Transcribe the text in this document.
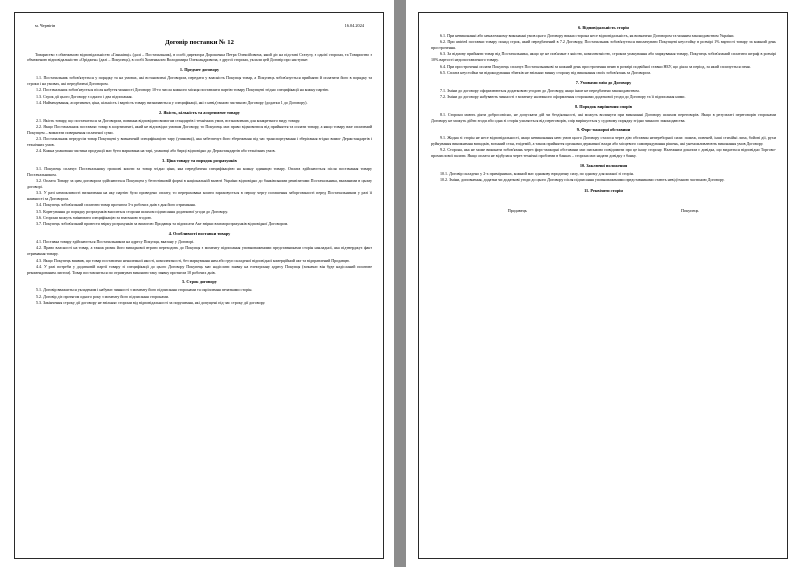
м. Чернігів	16.04.2024
Договір поставки № 12

Товариство з обмеженою відповідальністю «Ганьківці» (далі – Постачальник), в особі директора Дорошенка Петра Олексійовича, який діє на підставі Статуту, з однієї сторони, та Товариство з обмеженою відповідальністю «Оріджен» (далі – Покупець), в особі Хоменкалоч Володимира Олександровича, з другої сторони, уклали цей Договір про наступне:

1. Предмет договору

1.1. Постачальник зобов'язується у порядку та на умовах, які встановлені Договором, передати у власність Покупця товар, а Покупець зобов'язується прийняти й оплатити його в порядку та строки і на умовах, які передбачені Договором.

1.2. Постачальник зобов'язується після набуття чинності Договору 10-го числа кожного місяця поставляти партію товару Покупцеві згідно специфікації на кожну партію.

1.3. Строк дії цього Договору з одного і два підписання.

1.4. Найменування, асортимент, ціна, кількість і вартість товару визначаються у специфікації, які є невід'ємною частиною Договору (додатки 1 до Договору).

2. Якість, кількість та асортимент товару

2.1. Якість товару, що постачається за Договором, повинна відповідати вимогам стандартів і технічних умов, встановлених для конкретного виду товару.

2.2. Якщо Постачальник поставляє товар в асортименті, який не відповідає умовам Договору, то Покупець має право відмовитися від прийняття та оплати товару, а якщо товару вже оплачений Покупцем – вимагати повернення сплаченої суми.

2.3. Постачальник передусім товар Покупцеві у визначеній специфікацією тару (упаковці), яка забезпечує його збереження під час транспортування і зберігання згідно вимог Держстандартів і технічних умов.

2.4. Кожна упакована частина продукції має бути маркована на тарі, упаковці або бирці відповідно до Держстандартів або технічних умов.

3. Ціна товару та порядок розрахунків

3.1. Покупець сплачує Постачальнику грошові кошти за товар згідно ціни, яка передбачена специфікацією на кожну одиницю товару. Оплата здійснюється після постачання товару Постачальником.

3.2. Оплата Товару за цим договором здійснюється Покупцем у безготівковій формі в національній валюті України відповідно до банківськими реквізитами Постачальника, вказаними в цьому договорі.

3.3. У разі неможливості визначення на яку партію було проведено оплату, то перерахована кошти зараховується в першу чергу погашення заборгованості перед Постачальником у разі її наявності за Договором.

3.4. Покупець зобов'язаний сплатити товар протягом 3-х робочих днів з дня його отримання.

3.5. Корегування до порядку розрахунків вноситься сторони шляхом підписання додаткової угоди до Договору.

3.6. Сторони можуть змінювати специфікацію за взаємною згодою.

3.7. Покупець зобов'язаний провести звірку розрахунків за вимогою Продавця та підписати Акт звірки взаєморозрахунків відповідної Договором.

4. Особливості поставки товару

4.1. Поставка товару здійснюється Постачальником на адресу Покупця, вказану у Договорі.

4.2. Право власності на товар, а також ризик його випадкової втрати переходить до Покупця з моменту підписання уповноваженими представниками сторін накладної, яка підтверджує факт отримання товару.

4.3. Якщо Покупець виявив, що товар поставлено неналежної якості, комплектності, без маркування ним або груп складеної відповідної комерційний акт та відправлений Продавцю.

4.4. У разі потреби у додатковій партії товару зі специфікації до цього Договору Покупець має надіслати заявку на електронну адресу Покупця (зазначає він буде надісланий поштове рекомендованим листом). Товар поставляється по отримувач виконати таку заявку протягом 10 робочих днів.

5. Строк договору

5.1. Договір вважається укладеним і набуває чинності з моменту його підписання сторонами та скріплення печатками сторін.

5.2. Договір діє протягом одного року з моменту його підписання сторонами.

5.3. Закінчення строку дії договору не звільняє сторони від відповідальності за порушення, які допущені під час строку дії договору.

6. Відповідальність сторін

6.1. При невиконанні або неналежному виконанні умов цього Договору винна сторона несе відповідальність, як визначено Договором та чинним законодавством України.

6.2. При untried поставки товару понад строк, який передбачений в 7.2 Договору, Постачальник зобов'язується виплачувати Покупцеві неустойку в розмірі 1% вартості товару за кожний день прострочення.

6.3. За відмову прийняти товар від Постачальника, якщо це не пов'язане з якістю, комплектністю, строком упакування або маркування товару, Покупець зобов'язаний сплатити штраф в розмірі 10% вартості недопоставленого товару.

6.4. При простроченні оплати Покупець сплачує Постачальникові за кожний день прострочення пеню в розмірі подвійної ставки НБУ, що діяла за період, за який сплачується пеня.

6.5. Сплата неустойки чи відшкодування збитків не звільняє винну сторону від виконання своїх зобов'язань за Договором.

7. Умовами змін до Договору

7.1. Зміни до договору оформлюються додатковою угодою до Договору, якщо інше не передбачено законодавством.

7.2. Зміни до договору набувають чинності з моменту належного оформлення сторонами додаткової угоди до Договору та її підписання ними.

8. Порядок вирішення спорів

8.1. Сторони мають діяти добросовісно, не допускати дій чи бездіяльності, які можуть вплинути при виконанні Договору шляхом переговорів. Якщо в результаті переговорів сторонами Договору не можуть дійти згоди або одна зі сторін ухиляється від переговорів, спір вирішується у судовому порядку згідно чинного законодавства.

9. Форс-мажорні обставини

9.1. Жодна зі сторін не несе відповідальності, якщо невиконання нею умов цього Договору сталося через дію обставин непереборної сили: пожеж, повеней, інші стихійні лиха, бойові дії, рухи руйнування виникнення випадків, воєнний стан, епідемій, а також прийняття органами державної влади або місцевого самоврядування рішень, які унеможливлюють виконання умов Договору.

9.2. Сторона, яка не може виконати зобов'язань через форс-мажорні обставини має письмово повідомити про це іншу сторону. Належним доказом є довідка, що видається відповідно Торгово-промислової палати. Якщо оплата не відбулася через технічні проблеми в банках – сторона має надати довідку з банку.

10. Заключні положення

10.1. Договір складено у 2-х примірниках, кожний має однакову юридичну силу, по одному для кожної зі сторін.

10.2. Зміни, доповнення, додатки чи додаткові угоди до цього Договору після підписання уповноваженими представниками стають невід'ємною частиною Договору.

11. Реквізити сторін
Продавець	Покупець
